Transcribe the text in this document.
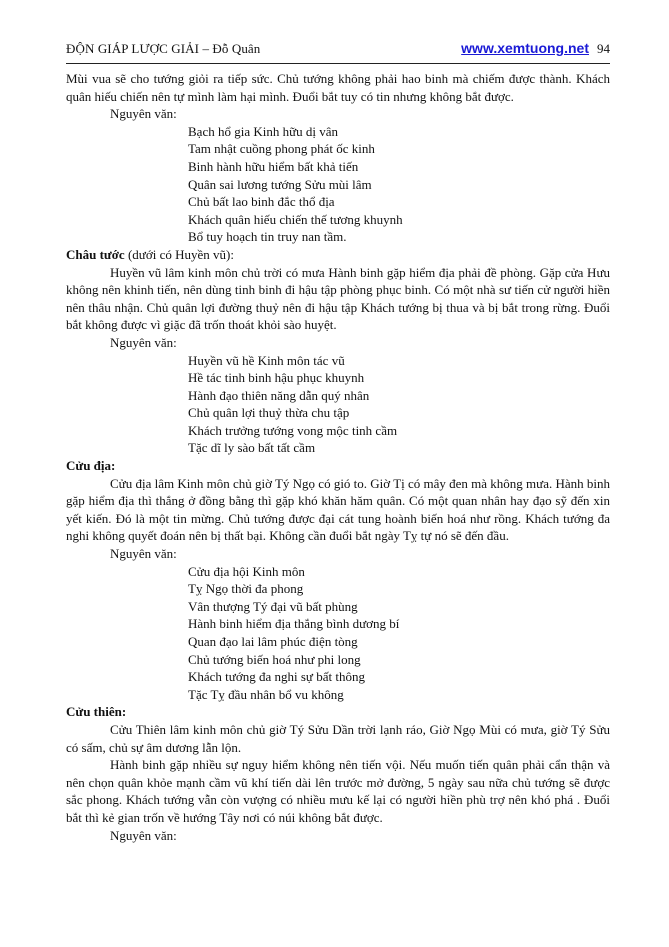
ĐỘN GIÁP LƯỢC GIẢI – Đỗ Quân	www.xemtuong.net 94

Mùi vua sẽ cho tướng giỏi ra tiếp sức. Chủ tướng không phải hao binh mà chiếm được thành. Khách quân hiếu chiến nên tự mình làm hại mình. Đuổi bắt tuy có tin nhưng không bắt được.

Nguyên văn:

Bạch hổ gia Kinh hữu dị vân

Tam nhật cuồng phong phát ốc kinh

Binh hành hữu hiểm bất khả tiến

Quân sai lương tướng Sửu mùi lâm

Chủ bất lao binh đắc thổ địa

Khách quân hiếu chiến thế tương khuynh

Bổ tuy hoạch tin truy nan tầm.

Châu tước (dưới có Huyền vũ):

Huyền vũ lâm kinh môn chủ trời có mưa Hành binh gặp hiểm địa phải đề phòng. Gặp cửa Hưu không nên khinh tiến, nên dùng tinh binh đi hậu tập phòng phục binh. Có một nhà sư tiến cử người hiền nên thâu nhận. Chủ quân lợi đường thuỷ nên đi hậu tập Khách tướng bị thua và bị bắt trong rừng. Đuổi bắt không được vì giặc đã trốn thoát khỏi sào huyệt.

Nguyên văn:

Huyền vũ hề Kinh môn tác vũ

Hề tác tinh binh hậu phục khuynh

Hành đạo thiên năng dẫn quý nhân

Chủ quân lợi thuỷ thừa chu tập

Khách trưởng tướng vong mộc tinh cầm

Tặc dĩ ly sào bất tất cầm

Cửu địa:

Cửu địa lâm Kinh môn chủ giờ Tý Ngọ có gió to. Giờ Tị có mây đen mà không mưa. Hành binh gặp hiểm địa thì thắng ở đồng bằng thì gặp khó khăn hăm quân. Có một quan nhân hay đạo sỹ đến xin yết kiến. Đó là một tin mừng. Chủ tướng được đại cát tung hoành biến hoá như rồng. Khách tướng đa nghi không quyết đoán nên bị thất bại. Không cần đuổi bắt ngày Tỵ tự nó sẽ đến đầu.

Nguyên văn:

Cửu địa hội Kinh môn

Tỵ Ngọ thời đa phong

Vân thượng Tý đại vũ bất phùng

Hành binh hiểm địa thắng bình dương bí

Quan đạo lai lâm phúc điện tòng

Chủ tướng biến hoá như phi long

Khách tướng đa nghi sự bất thông

Tặc Tỵ đầu nhân bổ vu không

Cửu thiên:

Cửu Thiên lâm kinh môn chủ giờ Tý Sửu Dần trời lạnh ráo, Giờ Ngọ Mùi có mưa, giờ Tý Sửu có sấm, chủ sự âm dương lẫn lộn.

Hành binh gặp nhiều sự nguy hiểm không nên tiến vội. Nếu muốn tiến quân phải cẩn thận và nên chọn quân khỏe mạnh cầm vũ khí tiến dài lên trước mở đường, 5 ngày sau nữa chủ tướng sẽ được sắc phong. Khách tướng vẫn còn vượng có nhiều mưu kế lại có người hiền phù trợ nên khó phá . Đuổi bắt thì kẻ gian trốn về hướng Tây nơi có núi không bắt được.

Nguyên văn:
